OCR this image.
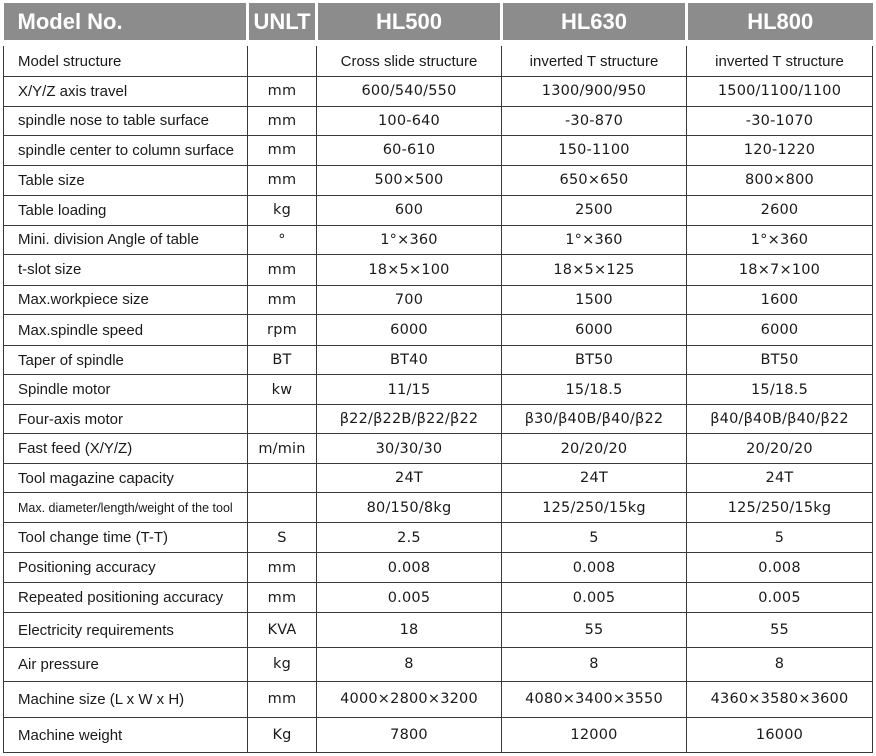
Model No.	UNLT	HL500	HL630	HL800
Model structure		Cross slide structure	inverted T structure	inverted T structure
X/Y/Z axis travel	mm	600/540/550	1300/900/950	1500/1100/1100
spindle nose to table surface	mm	100-640	-30-870	-30-1070
spindle center to column surface	mm	60-610	150-1100	120-1220
Table size	mm	500×500	650×650	800×800
Table loading	kg	600	2500	2600
Mini. division Angle of table	°	1°×360	1°×360	1°×360
t-slot size	mm	18×5×100	18×5×125	18×7×100
Max.workpiece size	mm	700	1500	1600
Max.spindle speed	rpm	6000	6000	6000
Taper of spindle	BT	BT40	BT50	BT50
Spindle motor	kw	11/15	15/18.5	15/18.5
Four-axis motor		β22/β22B/β22/β22	β30/β40B/β40/β22	β40/β40B/β40/β22
Fast feed (X/Y/Z)	m/min	30/30/30	20/20/20	20/20/20
Tool magazine capacity		24T	24T	24T
Max. diameter/length/weight of the tool		80/150/8kg	125/250/15kg	125/250/15kg
Tool change time (T-T)	S	2.5	5	5
Positioning accuracy	mm	0.008	0.008	0.008
Repeated positioning accuracy	mm	0.005	0.005	0.005
Electricity requirements	KVA	18	55	55
Air pressure	kg	8	8	8
Machine size (L x W x H)	mm	4000×2800×3200	4080×3400×3550	4360×3580×3600
Machine weight	Kg	7800	12000	16000
